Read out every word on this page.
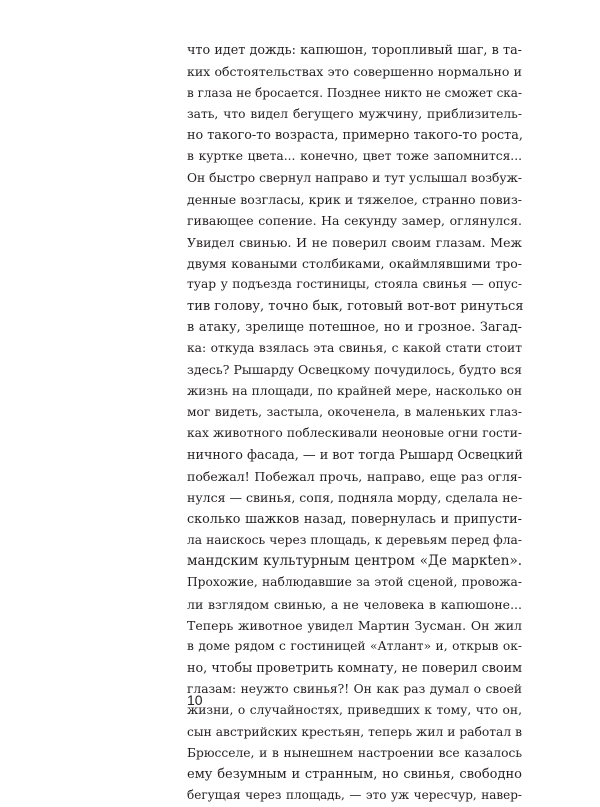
что идет дождь: капюшон, торопливый шаг, в та-
ких обстоятельствах это совершенно нормально и
в глаза не бросается. Позднее никто не сможет ска-
зать, что видел бегущего мужчину, приблизитель-
но такого-то возраста, примерно такого-то роста,
в куртке цвета... конечно, цвет тоже запомнится...
Он быстро свернул направо и тут услышал возбуж-
денные возгласы, крик и тяжелое, странно повиз-
гивающее сопение. На секунду замер, оглянулся.
Увидел свинью. И не поверил своим глазам. Меж
двумя коваными столбиками, окаймлявшими тро-
туар у подъезда гостиницы, стояла свинья — опус-
тив голову, точно бык, готовый вот-вот ринуться
в атаку, зрелище потешное, но и грозное. Загад-
ка: откуда взялась эта свинья, с какой стати стоит
здесь? Рышарду Освецкому почудилось, будто вся
жизнь на площади, по крайней мере, насколько он
мог видеть, застыла, окоченела, в маленьких глаз-
ках животного поблескивали неоновые огни гости-
ничного фасада, — и вот тогда Рышард Освецкий
побежал! Побежал прочь, направо, еще раз огля-
нулся — свинья, сопя, подняла морду, сделала не-
сколько шажков назад, повернулась и припусти-
ла наискось через площадь, к деревьям перед фла-
мандским культурным центром «Де маркten».
Прохожие, наблюдавшие за этой сценой, провожа-
ли взглядом свинью, а не человека в капюшоне...
Теперь животное увидел Мартин Зусман. Он жил
в доме рядом с гостиницей «Атлант» и, открыв ок-
но, чтобы проветрить комнату, не поверил своим
глазам: неужто свинья?! Он как раз думал о своей
жизни, о случайностях, приведших к тому, что он,
сын австрийских крестьян, теперь жил и работал в
Брюсселе, и в нынешнем настроении все казалось
ему безумным и странным, но свинья, свободно
бегущая через площадь, — это уж чересчур, навер-
10
